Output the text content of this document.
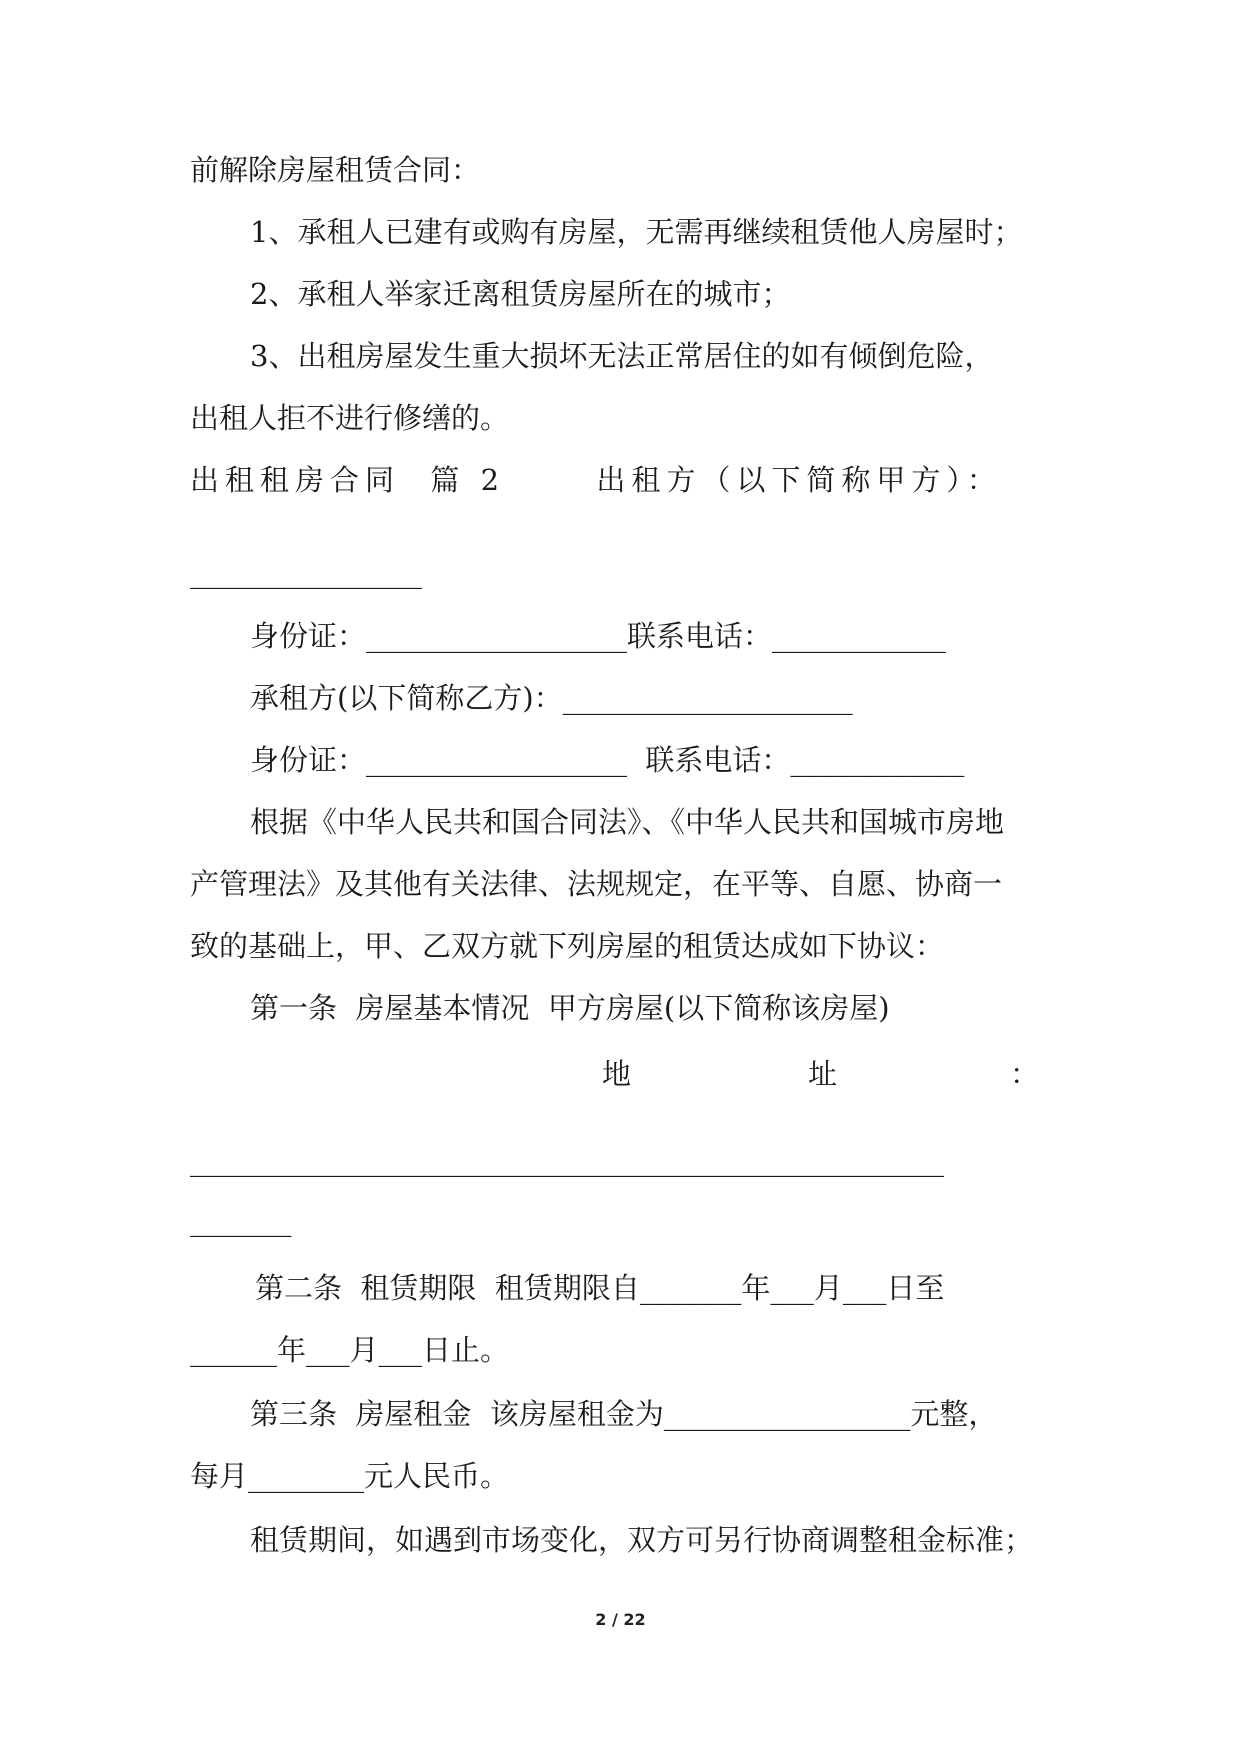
前解除房屋租赁合同：
1、承租人已建有或购有房屋，无需再继续租赁他人房屋时；
2、承租人举家迁离租赁房屋所在的城市；
3、出租房屋发生重大损坏无法正常居住的如有倾倒危险，
出租人拒不进行修缮的。
出租租房合同  篇 2      出租方（以下简称甲方）：
________________
身份证：__________________联系电话：____________
承租方(以下简称乙方)：____________________
身份证：__________________  联系电话：____________
根据《中华人民共和国合同法》、《中华人民共和国城市房地
产管理法》及其他有关法律、法规规定，在平等、自愿、协商一
致的基础上，甲、乙双方就下列房屋的租赁达成如下协议：
第一条  房屋基本情况  甲方房屋(以下简称该房屋)
地	址	：
____________________________________________________
_______
第二条  租赁期限  租赁期限自_______年___月___日至
______年___月___日止。
第三条  房屋租金  该房屋租金为_________________元整，
每月________元人民币。
租赁期间，如遇到市场变化，双方可另行协商调整租金标准；
2 / 22
